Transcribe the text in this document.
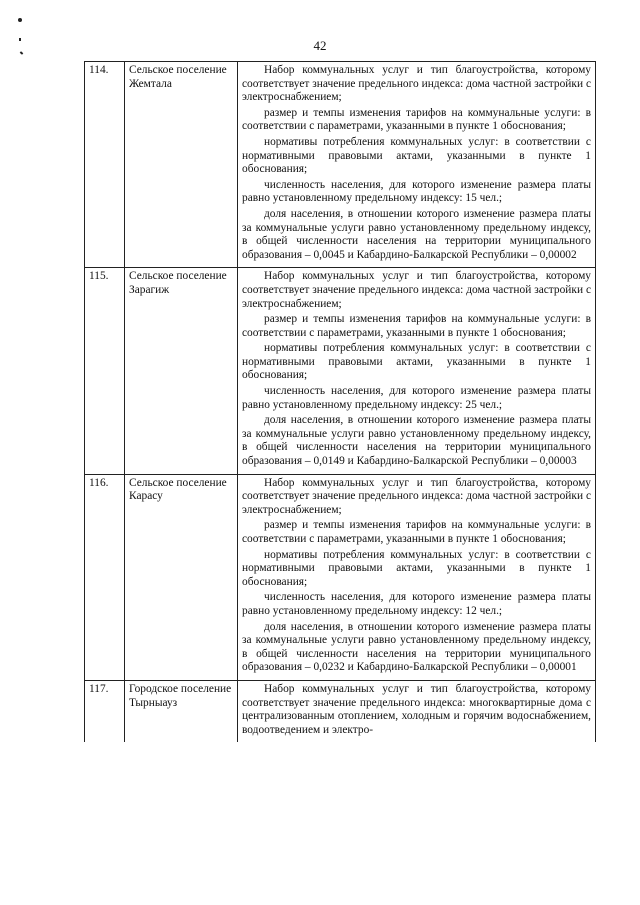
42
114.	Сельское поселение Жемтала	Набор коммунальных услуг и тип благоустройства, которому соответствует значение предельного индекса: дома частной застройки с электроснабжением;
размер и темпы изменения тарифов на коммунальные услуги: в соответствии с параметрами, указанными в пункте 1 обоснования;
нормативы потребления коммунальных услуг: в соответствии с нормативными правовыми актами, указанными в пункте 1 обоснования;
численность населения, для которого изменение размера платы равно установленному предельному индексу: 15 чел.;
доля населения, в отношении которого изменение размера платы за коммунальные услуги равно установленному предельному индексу, в общей численности населения на территории муниципального образования – 0,0045 и Кабардино-Балкарской Республики – 0,00002

115.	Сельское поселение Зарагиж	Набор коммунальных услуг и тип благоустройства, которому соответствует значение предельного индекса: дома частной застройки с электроснабжением;
размер и темпы изменения тарифов на коммунальные услуги: в соответствии с параметрами, указанными в пункте 1 обоснования;
нормативы потребления коммунальных услуг: в соответствии с нормативными правовыми актами, указанными в пункте 1 обоснования;
численность населения, для которого изменение размера платы равно установленному предельному индексу: 25 чел.;
доля населения, в отношении которого изменение размера платы за коммунальные услуги равно установленному предельному индексу, в общей численности населения на территории муниципального образования – 0,0149 и Кабардино-Балкарской Республики – 0,00003

116.	Сельское поселение Карасу	Набор коммунальных услуг и тип благоустройства, которому соответствует значение предельного индекса: дома частной застройки с электроснабжением;
размер и темпы изменения тарифов на коммунальные услуги: в соответствии с параметрами, указанными в пункте 1 обоснования;
нормативы потребления коммунальных услуг: в соответствии с нормативными правовыми актами, указанными в пункте 1 обоснования;
численность населения, для которого изменение размера платы равно установленному предельному индексу: 12 чел.;
доля населения, в отношении которого изменение размера платы за коммунальные услуги равно установленному предельному индексу, в общей численности населения на территории муниципального образования – 0,0232 и Кабардино-Балкарской Республики – 0,00001

117.	Городское поселение Тырныауз	Набор коммунальных услуг и тип благоустройства, которому соответствует значение предельного индекса: многоквартирные дома с централизованным отоплением, холодным и горячим водоснабжением, водоотведением и электро-
